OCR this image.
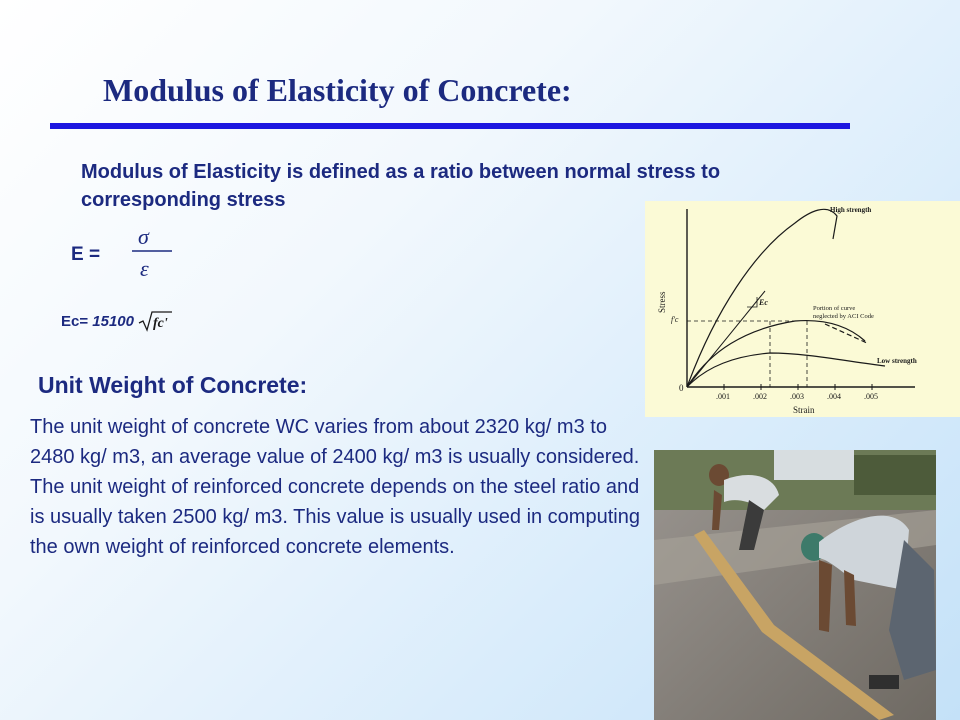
Modulus of Elasticity of Concrete:
Modulus of Elasticity is defined as a ratio between normal stress to corresponding stress
E =
σ
ε
Ec= 15100 fc'
Unit Weight of Concrete:
The unit weight of concrete WC varies from about 2320 kg/ m3 to 2480 kg/ m3, an average value of 2400 kg/ m3 is usually considered. The unit weight of reinforced concrete depends on the steel ratio and is usually taken 2500 kg/ m3. This value is usually used in computing the own weight of reinforced concrete elements.
Stress
Strain
0
.001	.002	.003	.004	.005
f'c
Ec
High strength
Portion of curve neglected by ACI Code
Low strength
